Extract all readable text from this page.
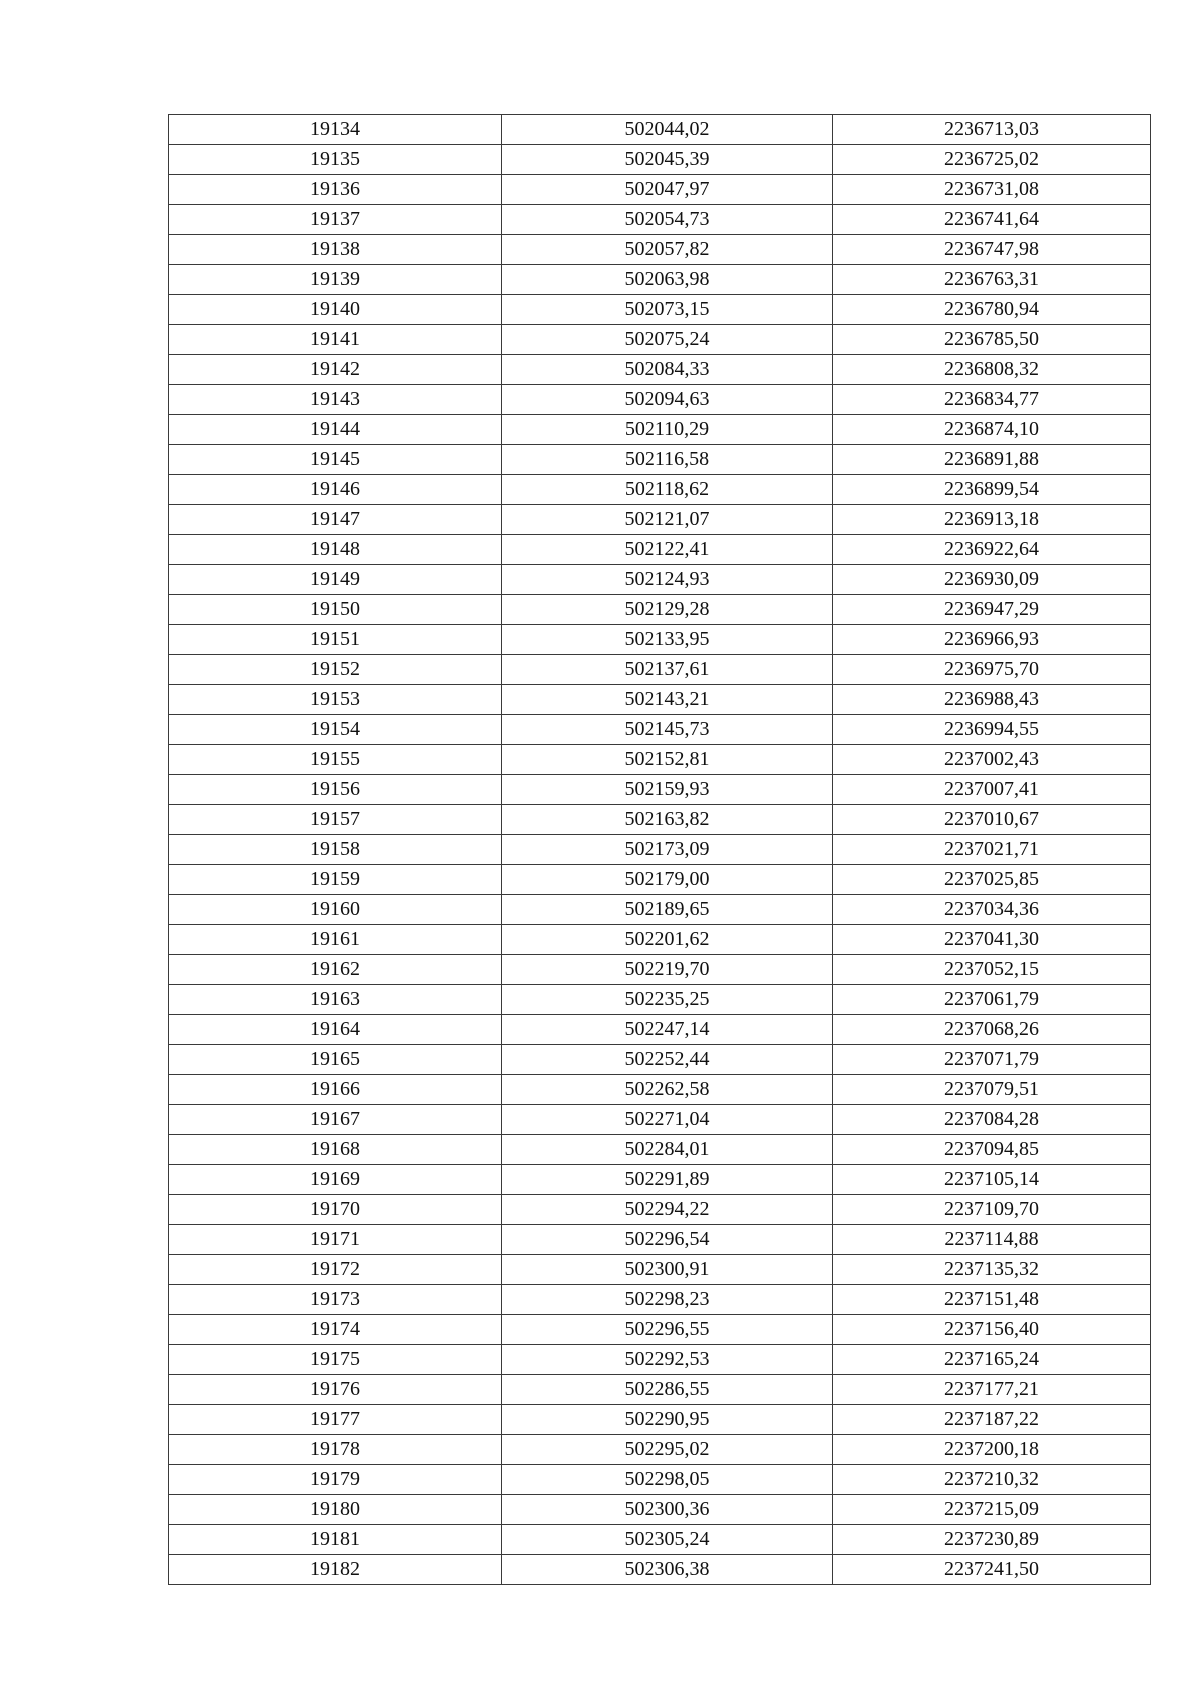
19134	502044,02	2236713,03
19135	502045,39	2236725,02
19136	502047,97	2236731,08
19137	502054,73	2236741,64
19138	502057,82	2236747,98
19139	502063,98	2236763,31
19140	502073,15	2236780,94
19141	502075,24	2236785,50
19142	502084,33	2236808,32
19143	502094,63	2236834,77
19144	502110,29	2236874,10
19145	502116,58	2236891,88
19146	502118,62	2236899,54
19147	502121,07	2236913,18
19148	502122,41	2236922,64
19149	502124,93	2236930,09
19150	502129,28	2236947,29
19151	502133,95	2236966,93
19152	502137,61	2236975,70
19153	502143,21	2236988,43
19154	502145,73	2236994,55
19155	502152,81	2237002,43
19156	502159,93	2237007,41
19157	502163,82	2237010,67
19158	502173,09	2237021,71
19159	502179,00	2237025,85
19160	502189,65	2237034,36
19161	502201,62	2237041,30
19162	502219,70	2237052,15
19163	502235,25	2237061,79
19164	502247,14	2237068,26
19165	502252,44	2237071,79
19166	502262,58	2237079,51
19167	502271,04	2237084,28
19168	502284,01	2237094,85
19169	502291,89	2237105,14
19170	502294,22	2237109,70
19171	502296,54	2237114,88
19172	502300,91	2237135,32
19173	502298,23	2237151,48
19174	502296,55	2237156,40
19175	502292,53	2237165,24
19176	502286,55	2237177,21
19177	502290,95	2237187,22
19178	502295,02	2237200,18
19179	502298,05	2237210,32
19180	502300,36	2237215,09
19181	502305,24	2237230,89
19182	502306,38	2237241,50
